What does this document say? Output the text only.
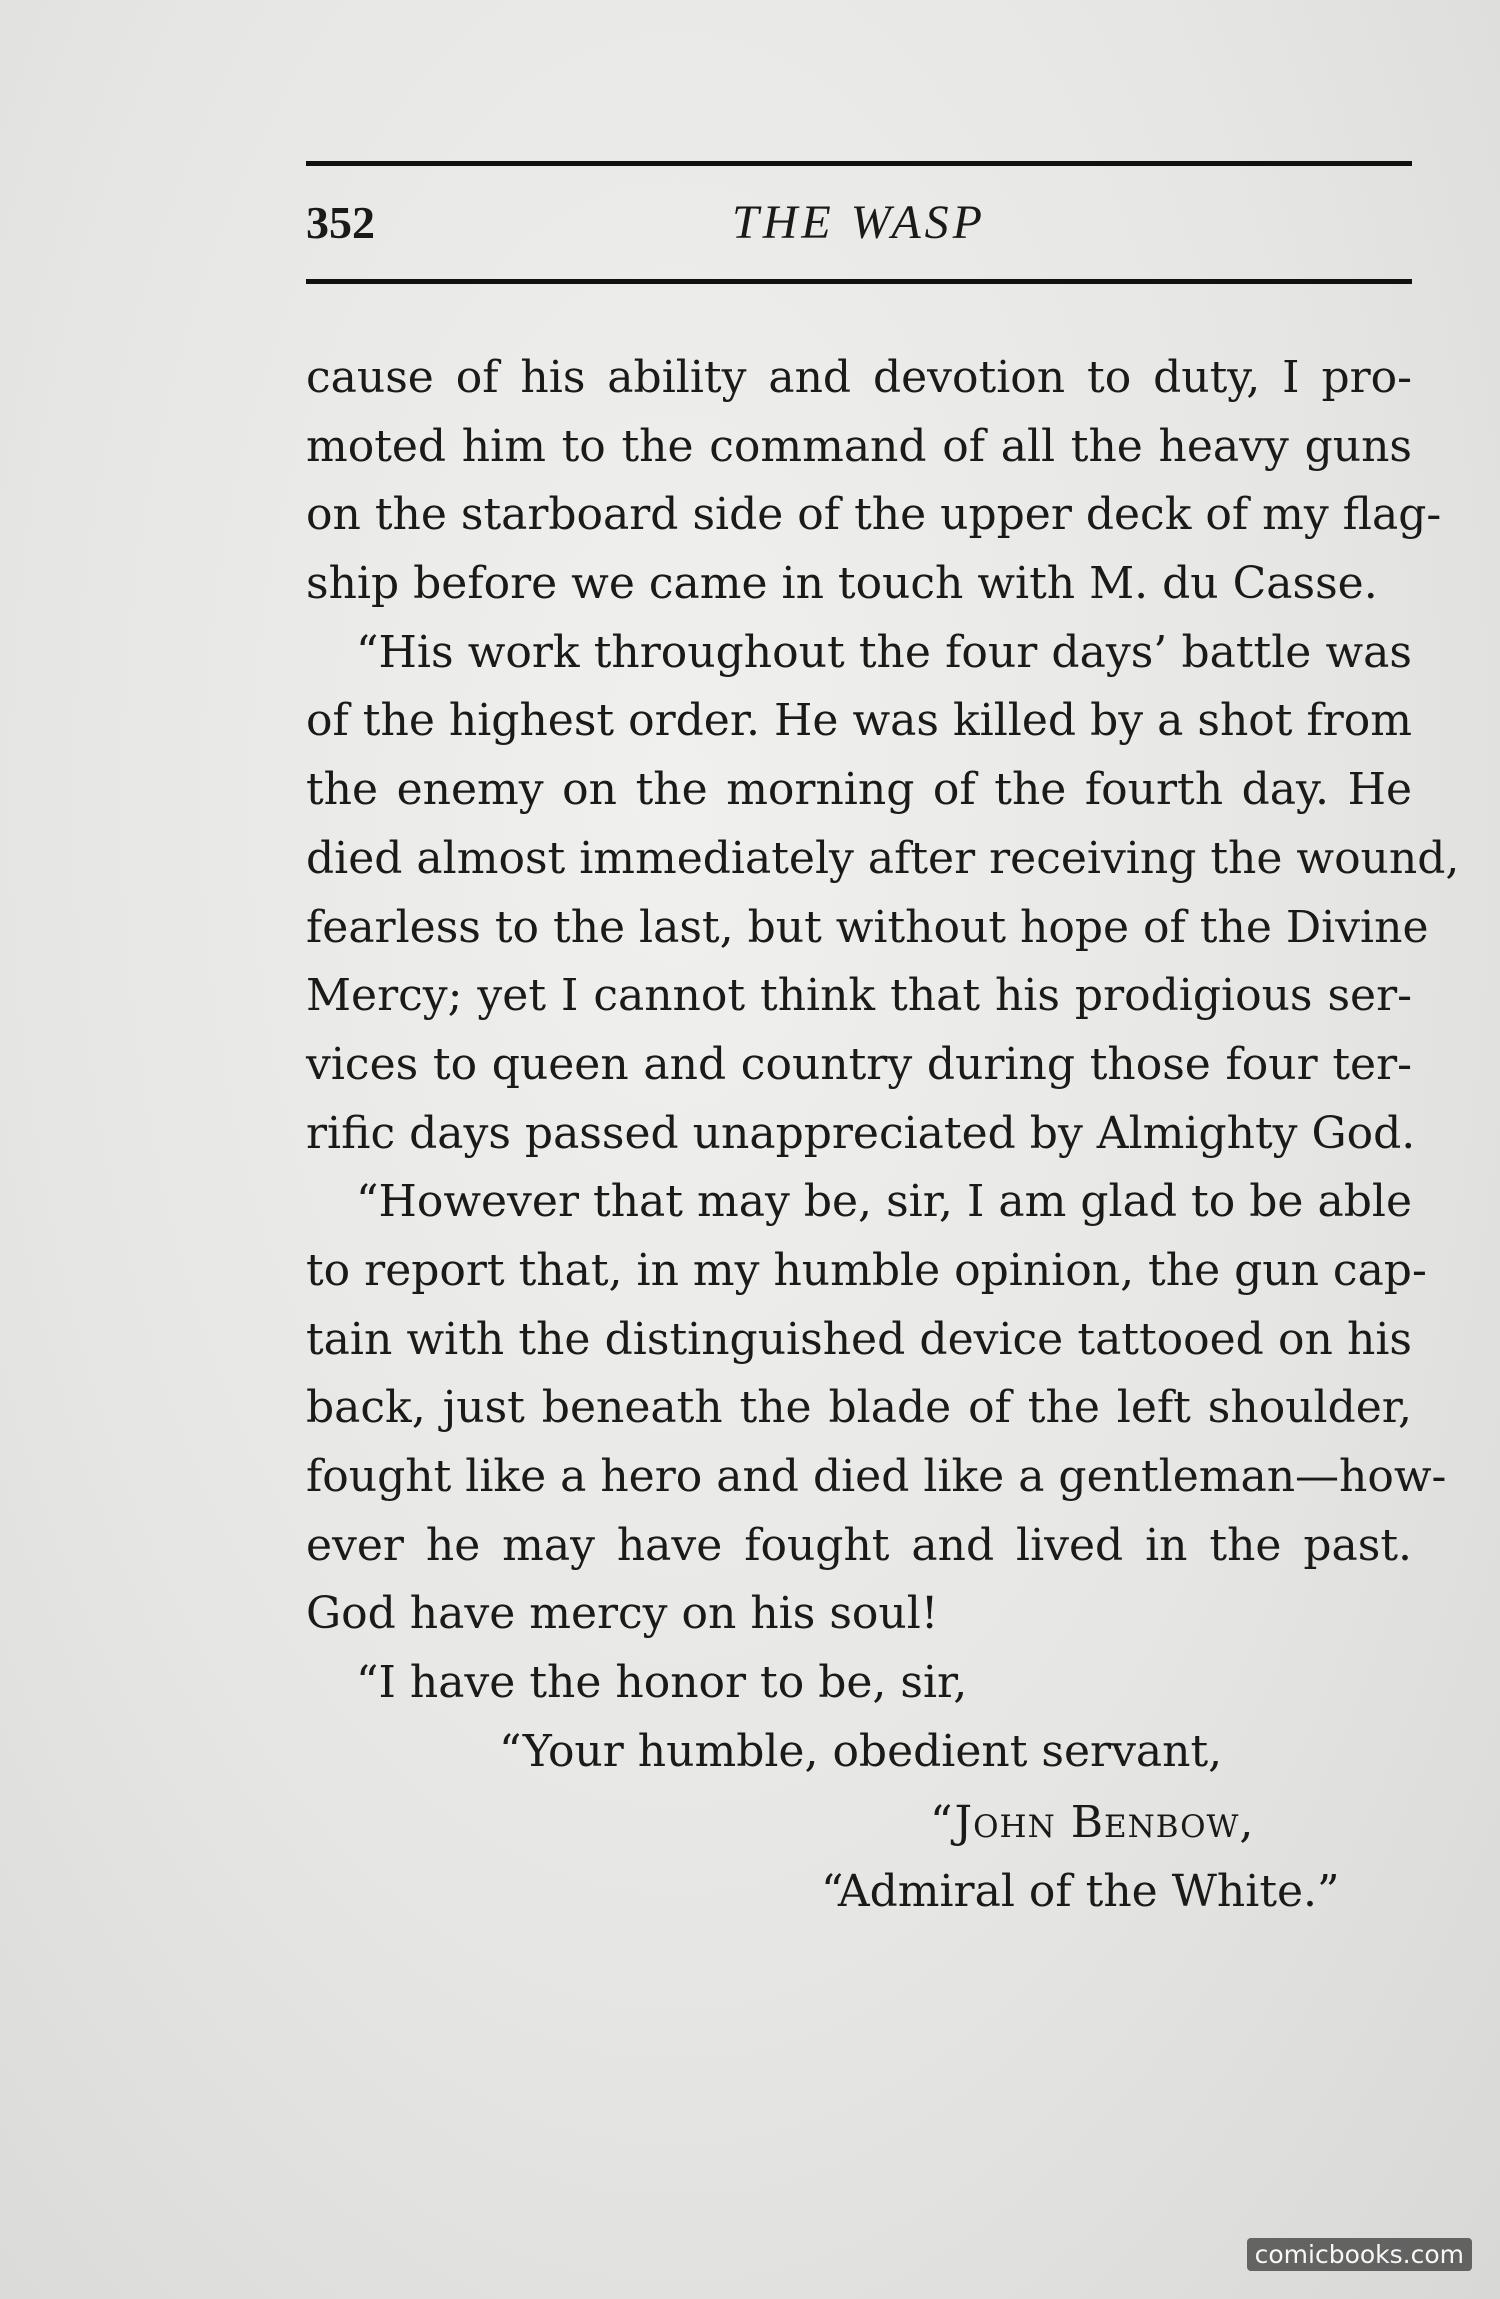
352	THE WASP
cause of his ability and devotion to duty, I pro-
moted him to the command of all the heavy guns
on the starboard side of the upper deck of my flag-
ship before we came in touch with M. du Casse.
“His work throughout the four days’ battle was
of the highest order. He was killed by a shot from
the enemy on the morning of the fourth day. He
died almost immediately after receiving the wound,
fearless to the last, but without hope of the Divine
Mercy; yet I cannot think that his prodigious ser-
vices to queen and country during those four ter-
rific days passed unappreciated by Almighty God.
“However that may be, sir, I am glad to be able
to report that, in my humble opinion, the gun cap-
tain with the distinguished device tattooed on his
back, just beneath the blade of the left shoulder,
fought like a hero and died like a gentleman—how-
ever he may have fought and lived in the past.
God have mercy on his soul!
“I have the honor to be, sir,
“Your humble, obedient servant,
“John Benbow,
“Admiral of the White.”
comicbooks.com
